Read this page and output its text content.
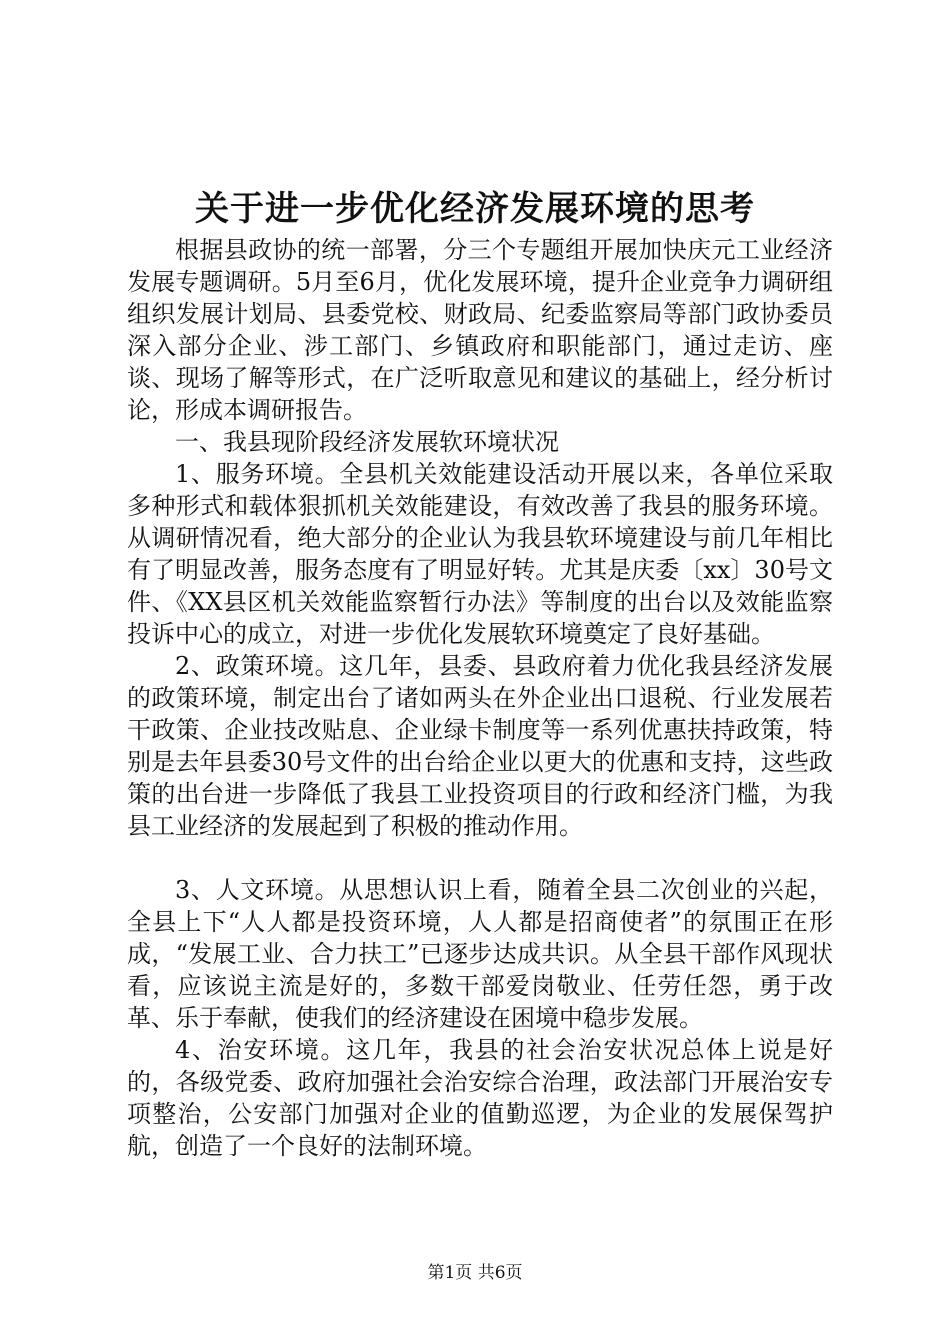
关于进一步优化经济发展环境的思考

根据县政协的统一部署，分三个专题组开展加快庆元工业经济发展专题调研。5月至6月，优化发展环境，提升企业竞争力调研组组织发展计划局、县委党校、财政局、纪委监察局等部门政协委员深入部分企业、涉工部门、乡镇政府和职能部门，通过走访、座谈、现场了解等形式，在广泛听取意见和建议的基础上，经分析讨论，形成本调研报告。

一、我县现阶段经济发展软环境状况

1、服务环境。全县机关效能建设活动开展以来，各单位采取多种形式和载体狠抓机关效能建设，有效改善了我县的服务环境。从调研情况看，绝大部分的企业认为我县软环境建设与前几年相比有了明显改善，服务态度有了明显好转。尤其是庆委〔xx〕30号文件、《XX县区机关效能监察暂行办法》等制度的出台以及效能监察投诉中心的成立，对进一步优化发展软环境奠定了良好基础。

2、政策环境。这几年，县委、县政府着力优化我县经济发展的政策环境，制定出台了诸如两头在外企业出口退税、行业发展若干政策、企业技改贴息、企业绿卡制度等一系列优惠扶持政策，特别是去年县委30号文件的出台给企业以更大的优惠和支持，这些政策的出台进一步降低了我县工业投资项目的行政和经济门槛，为我县工业经济的发展起到了积极的推动作用。

3、人文环境。从思想认识上看，随着全县二次创业的兴起，全县上下“人人都是投资环境，人人都是招商使者”的氛围正在形成，“发展工业、合力扶工”已逐步达成共识。从全县干部作风现状看，应该说主流是好的，多数干部爱岗敬业、任劳任怨，勇于改革、乐于奉献，使我们的经济建设在困境中稳步发展。

4、治安环境。这几年，我县的社会治安状况总体上说是好的，各级党委、政府加强社会治安综合治理，政法部门开展治安专项整治，公安部门加强对企业的值勤巡逻，为企业的发展保驾护航，创造了一个良好的法制环境。

第1页 共6页
